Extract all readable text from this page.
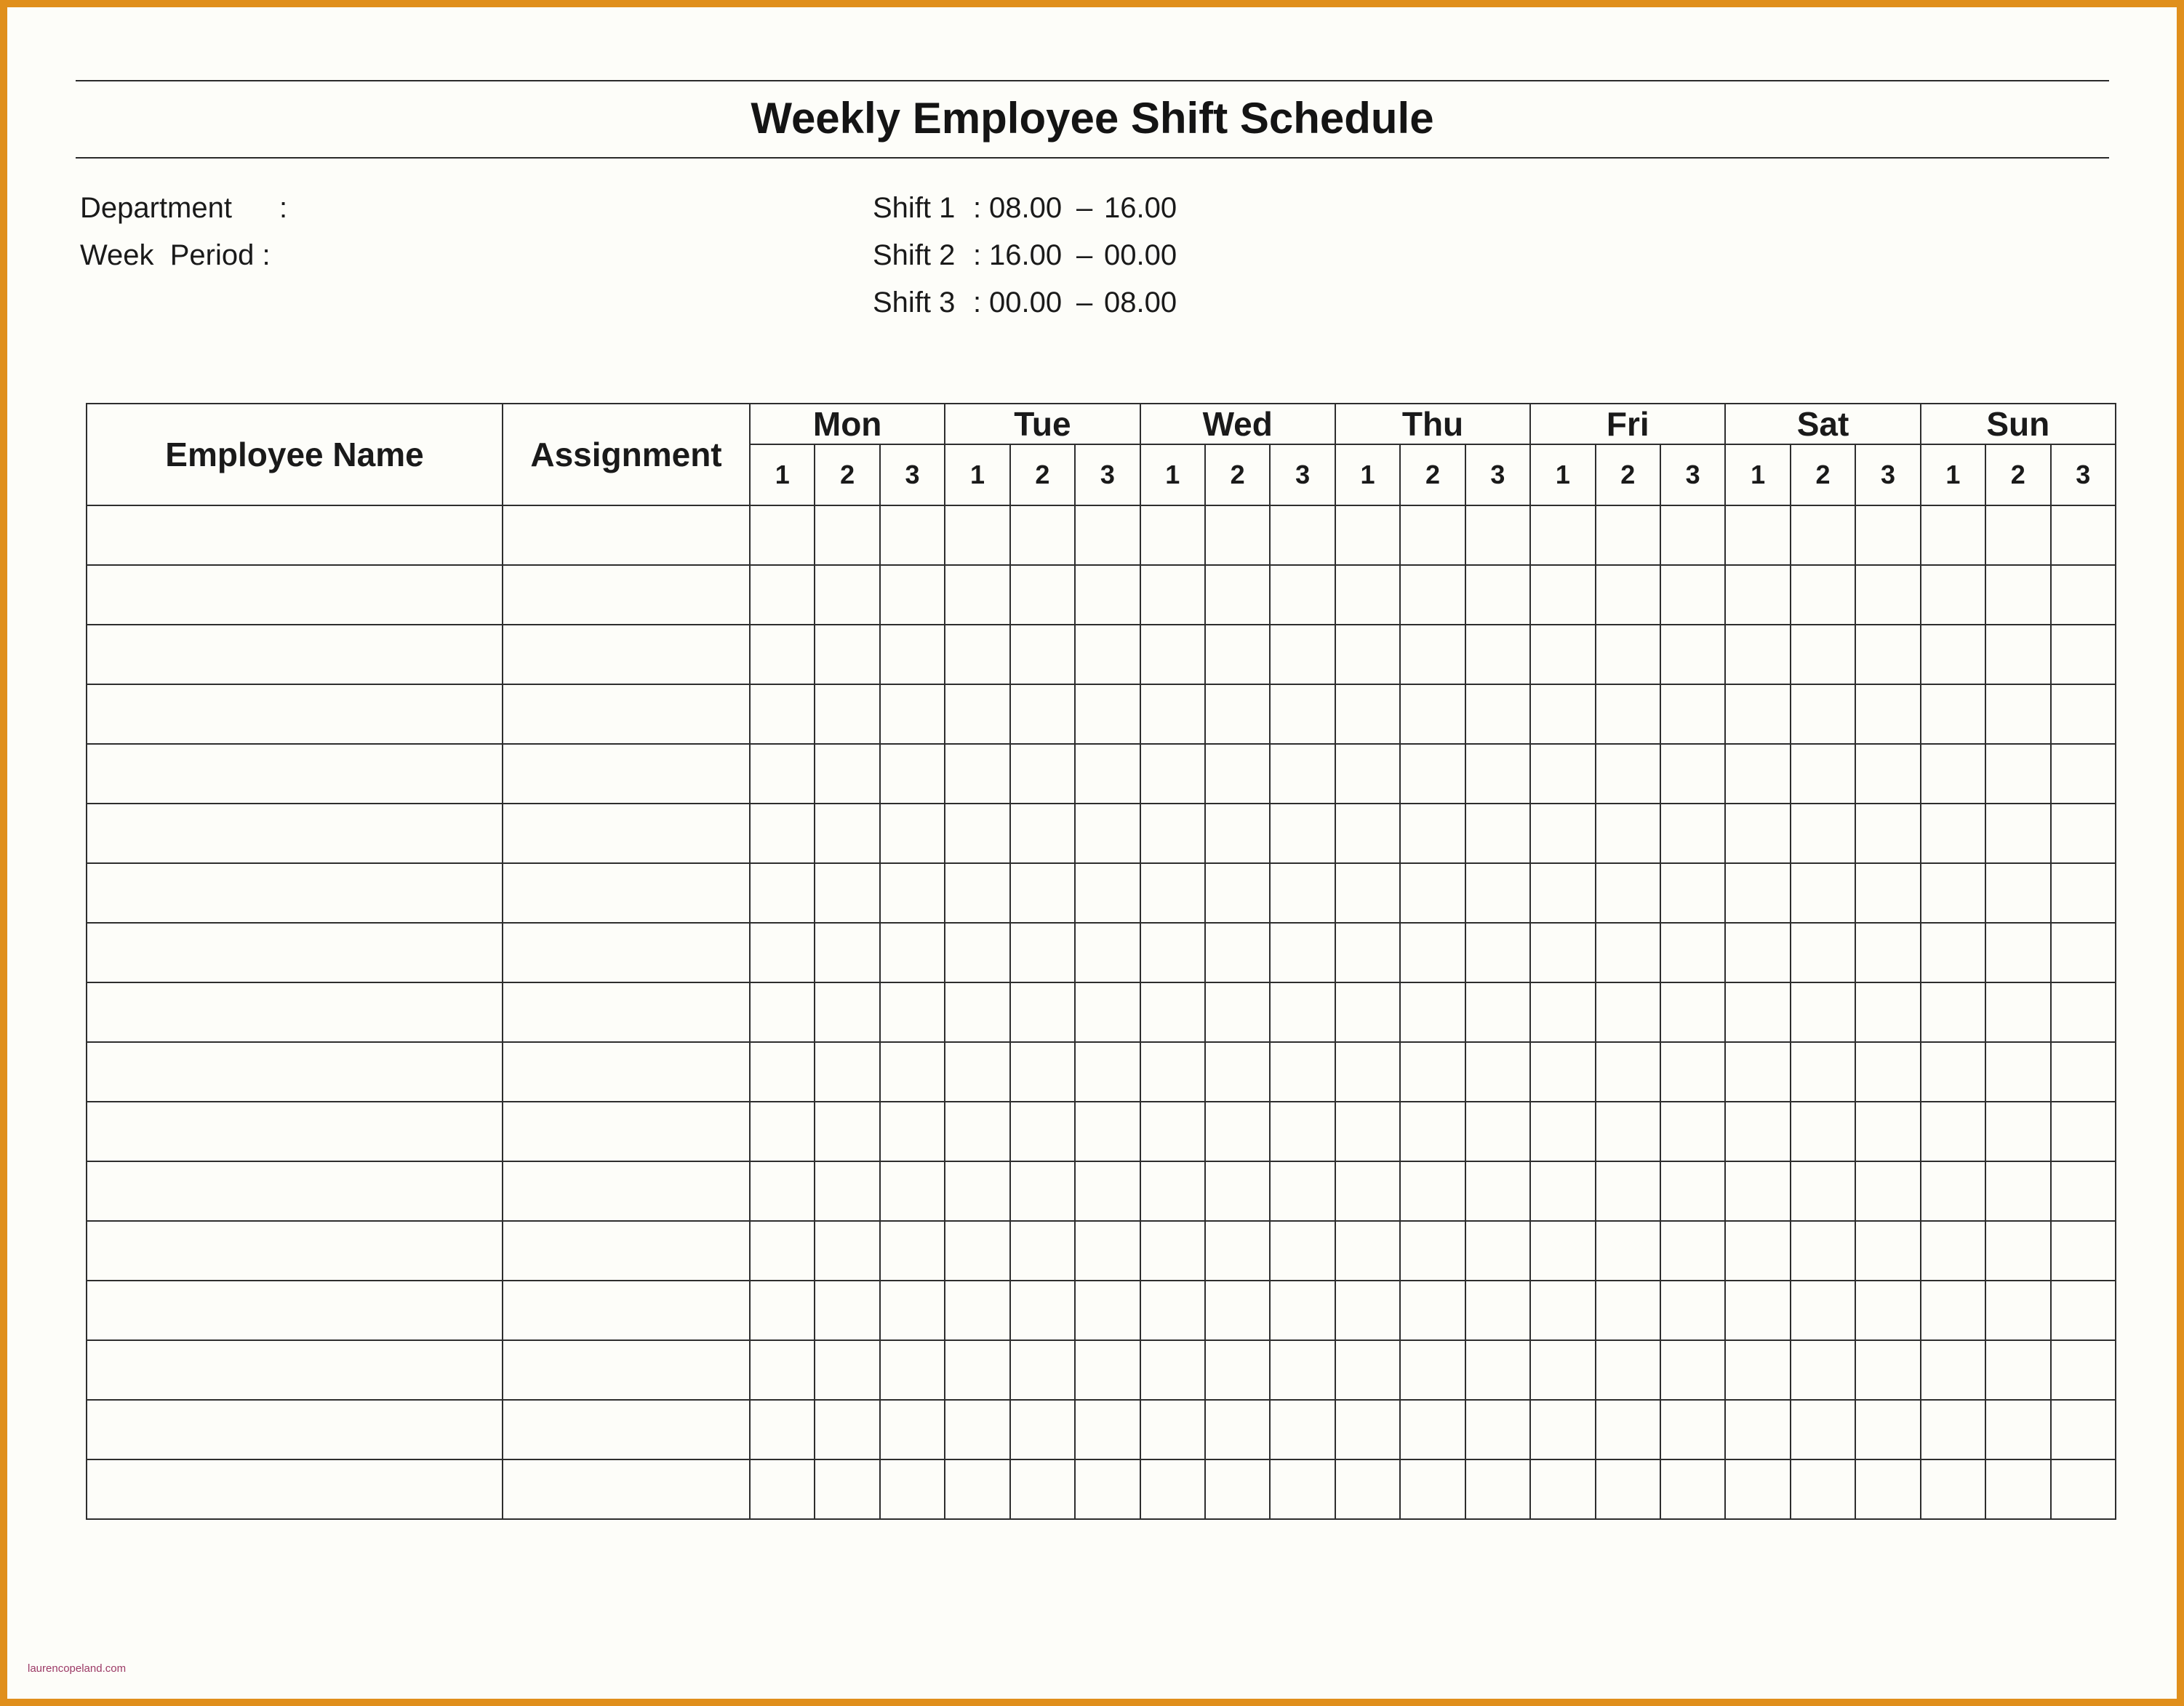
Weekly Employee Shift Schedule
Department :
Week  Period :
Shift 1 : 08.00 – 16.00
Shift 2 : 16.00 – 00.00
Shift 3 : 00.00 – 08.00
Employee Name	Assignment	Mon			Tue			Wed			Thu			Fri			Sat			Sun		
		1	2	3	1	2	3	1	2	3	1	2	3	1	2	3	1	2	3	1	2	3

laurencopeland.com
